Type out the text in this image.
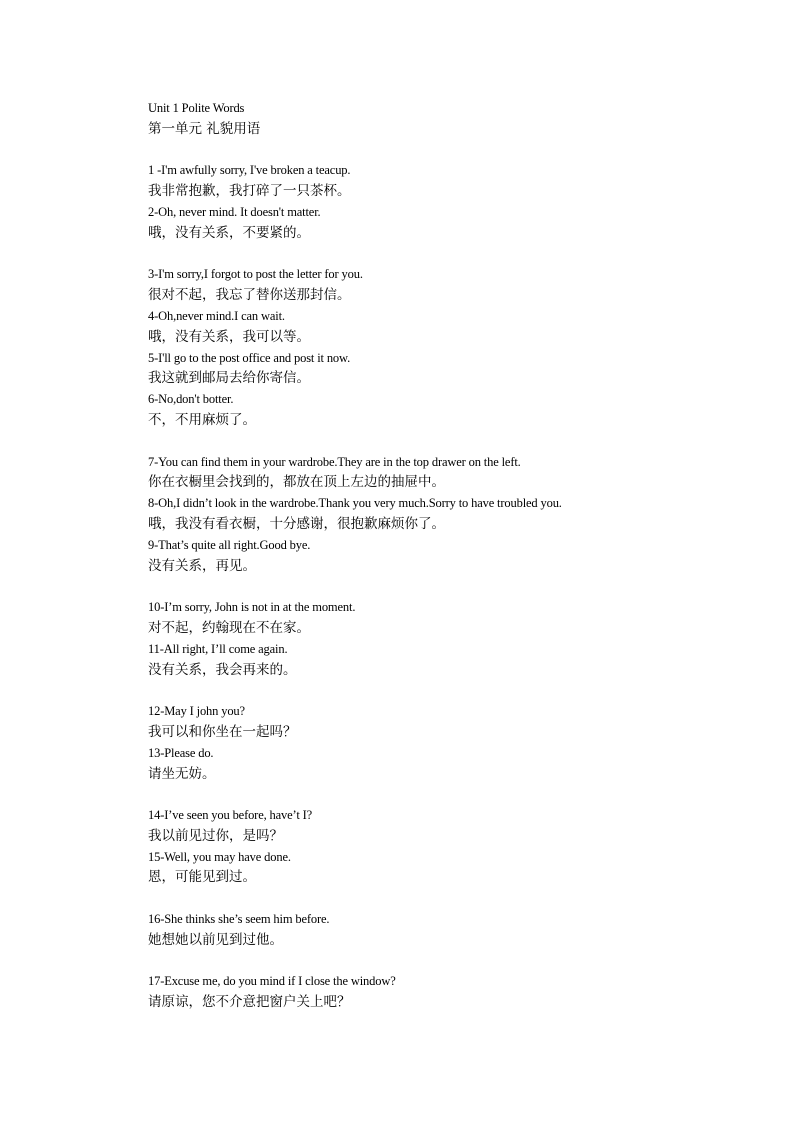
Unit 1 Polite Words
第一单元 礼貌用语
1 -I'm awfully sorry, I've broken a teacup.
我非常抱歉，我打碎了一只茶杯。
2-Oh, never mind. It doesn't matter.
哦，没有关系，不要紧的。
3-I'm sorry,I forgot to post the letter for you.
很对不起，我忘了替你送那封信。
4-Oh,never mind.I can wait.
哦，没有关系，我可以等。
5-I'll go to the post office and post it now.
我这就到邮局去给你寄信。
6-No,don't botter.
不，不用麻烦了。
7-You can find them in your wardrobe.They are in the top drawer on the left.
你在衣橱里会找到的，都放在顶上左边的抽屉中。
8-Oh,I didn’t look in the wardrobe.Thank you very much.Sorry to have troubled you.
哦，我没有看衣橱，十分感谢，很抱歉麻烦你了。
9-That’s quite all right.Good bye.
没有关系，再见。
10-I’m sorry, John is not in at the moment.
对不起，约翰现在不在家。
11-All right, I’ll come again.
没有关系，我会再来的。
12-May I john you?
我可以和你坐在一起吗？
13-Please do.
请坐无妨。
14-I’ve seen you before, have’t I?
我以前见过你，是吗？
15-Well, you may have done.
恩，可能见到过。
16-She thinks she’s seem him before.
她想她以前见到过他。
17-Excuse me, do you mind if I close the window?
请原谅，您不介意把窗户关上吧？
